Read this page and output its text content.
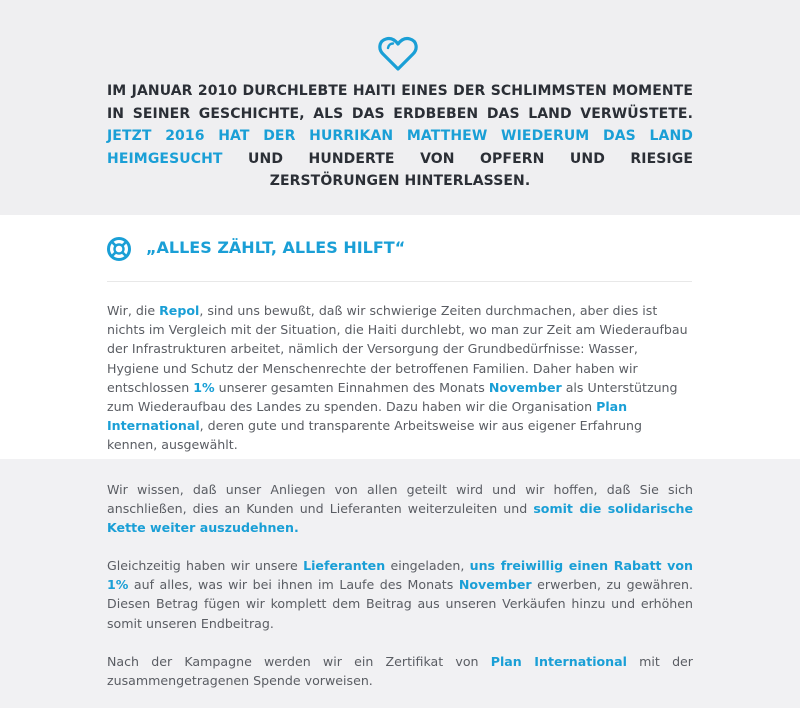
IM JANUAR 2010 DURCHLEBTE HAITI EINES DER SCHLIMMSTEN MOMENTE IN SEINER GESCHICHTE, ALS DAS ERDBEBEN DAS LAND VERWÜSTETE. JETZT 2016 HAT DER HURRIKAN MATTHEW WIEDERUM DAS LAND HEIMGESUCHT UND HUNDERTE VON OPFERN UND RIESIGE ZERSTÖRUNGEN HINTERLASSEN.
„ALLES ZÄHLT, ALLES HILFT“
Wir, die Repol, sind uns bewußt, daß wir schwierige Zeiten durchmachen, aber dies ist nichts im Vergleich mit der Situation, die Haiti durchlebt, wo man zur Zeit am Wiederaufbau der Infrastrukturen arbeitet, nämlich der Versorgung der Grundbedürfnisse: Wasser, Hygiene und Schutz der Menschenrechte der betroffenen Familien. Daher haben wir entschlossen 1% unserer gesamten Einnahmen des Monats November als Unterstützung zum Wiederaufbau des Landes zu spenden. Dazu haben wir die Organisation Plan International, deren gute und transparente Arbeitsweise wir aus eigener Erfahrung kennen, ausgewählt.
Wir wissen, daß unser Anliegen von allen geteilt wird und wir hoffen, daß Sie sich anschließen, dies an Kunden und Lieferanten weiterzuleiten und somit die solidarische Kette weiter auszudehnen.
Gleichzeitig haben wir unsere Lieferanten eingeladen, uns freiwillig einen Rabatt von 1% auf alles, was wir bei ihnen im Laufe des Monats November erwerben, zu gewähren. Diesen Betrag fügen wir komplett dem Beitrag aus unseren Verkäufen hinzu und erhöhen somit unseren Endbeitrag.
Nach der Kampagne werden wir ein Zertifikat von Plan International mit der zusammengetragenen Spende vorweisen.
